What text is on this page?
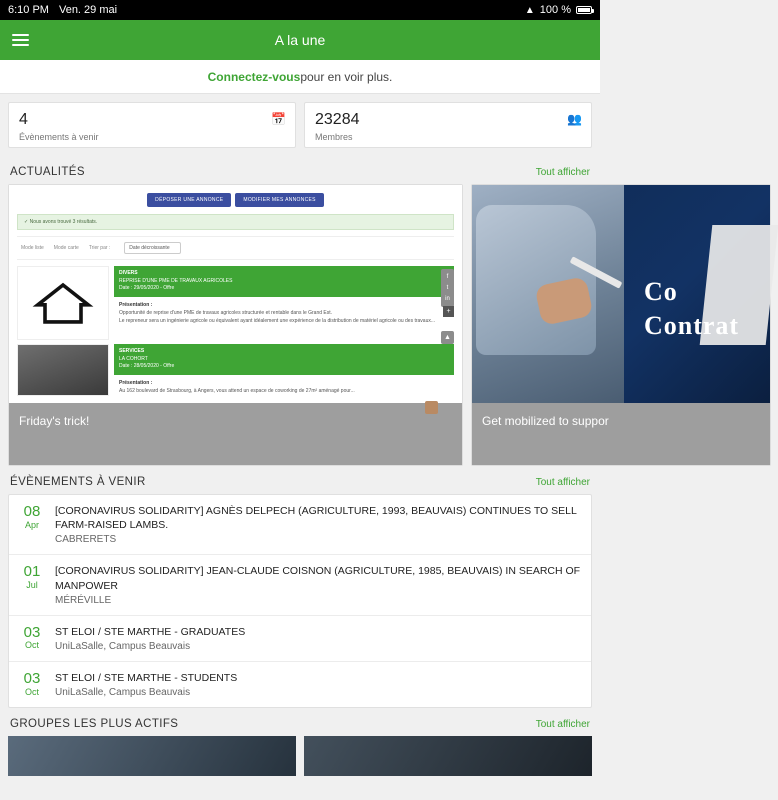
6:10 PM Ven. 29 mai	▲ 100 %
A la une
Connectez-vous pour en voir plus.
4
Évènements à venir
📅 23284
Membres
👥
ACTUALITÉS	Tout afficher
DÉPOSER UNE ANNONCE	MODIFIER MES ANNONCES
✓ Nous avons trouvé 3 résultats.
Mode liste Mode carte Trier par :	Date décroissante
DIVERS
REPRISE D'UNE PME DE TRAVAUX AGRICOLES
Date : 29/05/2020 - Offre
Présentation :
Opportunité de reprise d'une PME de travaux agricoles structurée et rentable dans le Grand Est.
Le repreneur sera un ingénierie agricole ou équivalent ayant idéalement une expérience de la distribution de matériel agricole ou des travaux...
SERVICES
LA COHORT
Date : 28/05/2020 - Offre
Présentation :
Au 162 boulevard de Strasbourg, à Angers, vous attend un espace de coworking de 27m² aménagé pour...
f
t
in
+
▲
Friday's trick!
Co
Contrat
Get mobilized to suppor
ÉVÈNEMENTS À VENIR	Tout afficher
08
Apr
[CORONAVIRUS SOLIDARITY] AGNÈS DELPECH (AGRICULTURE, 1993, BEAUVAIS) CONTINUES TO SELL FARM-RAISED LAMBS.
CABRERETS
01
Jul
[CORONAVIRUS SOLIDARITY] JEAN-CLAUDE COISNON (AGRICULTURE, 1985, BEAUVAIS) IN SEARCH OF MANPOWER
MÉRÉVILLE
03
Oct
ST ELOI / STE MARTHE - GRADUATES
UniLaSalle, Campus Beauvais
03
Oct
ST ELOI / STE MARTHE - STUDENTS
UniLaSalle, Campus Beauvais
GROUPES LES PLUS ACTIFS	Tout afficher
